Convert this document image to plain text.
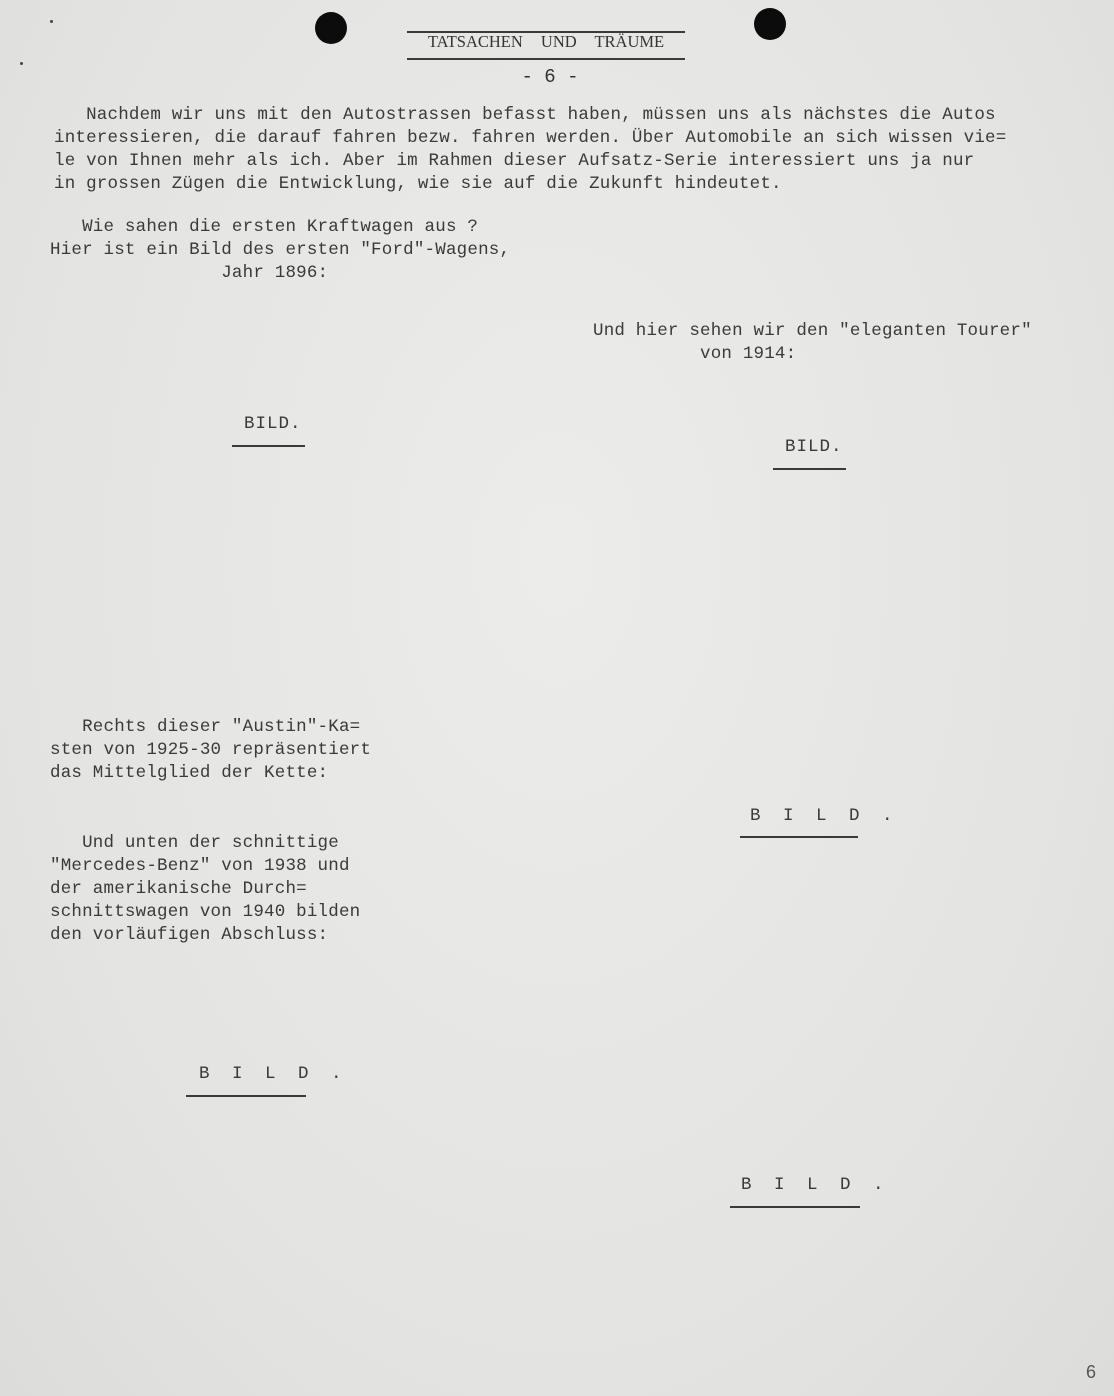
TATSACHEN UND TRÄUME
- 6 -
Nachdem wir uns mit den Autostrassen befasst haben, müssen uns als nächstes die Autos
interessieren, die darauf fahren bezw. fahren werden. Über Automobile an sich wissen vie=
le von Ihnen mehr als ich. Aber im Rahmen dieser Aufsatz-Serie interessiert uns ja nur
in grossen Zügen die Entwicklung, wie sie auf die Zukunft hindeutet.
Wie sahen die ersten Kraftwagen aus ?
Hier ist ein Bild des ersten "Ford"-Wagens,
Jahr 1896:
Und hier sehen wir den "eleganten Tourer"
von 1914:
BILD.
BILD.
Rechts dieser "Austin"-Ka=
sten von 1925-30 repräsentiert
das Mittelglied der Kette:
B I L D .
Und unten der schnittige
"Mercedes-Benz" von 1938 und
der amerikanische Durch=
schnittswagen von 1940 bilden
den vorläufigen Abschluss:
B I L D .
B I L D .
6
